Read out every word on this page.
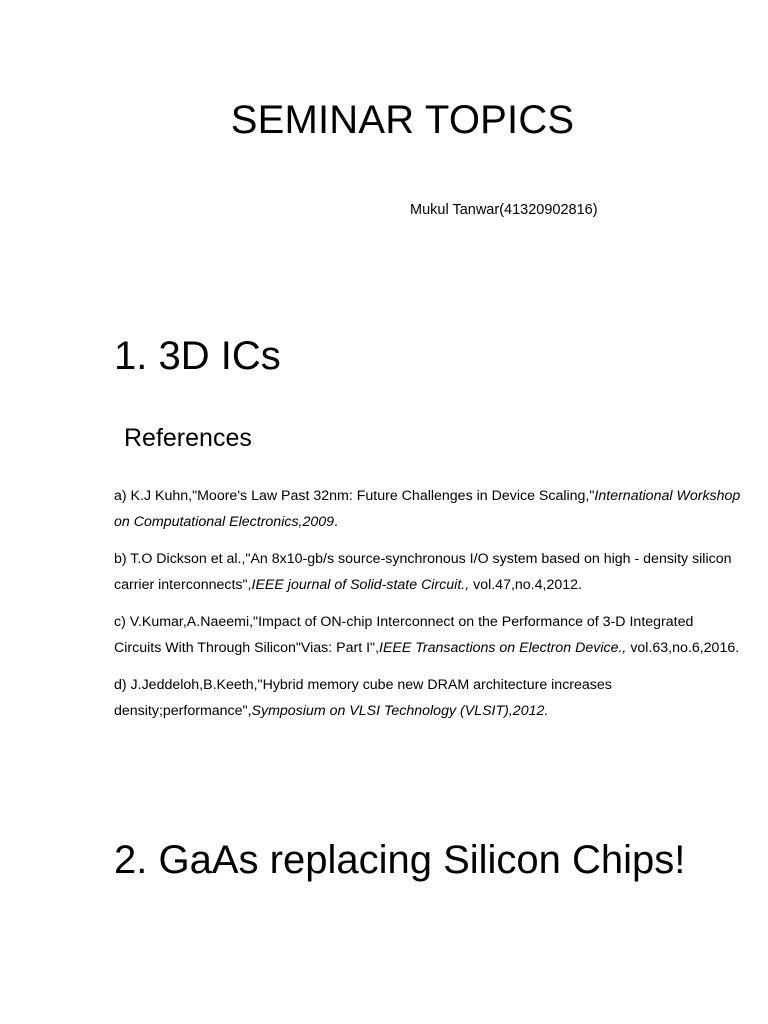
SEMINAR TOPICS

Mukul Tanwar(41320902816)

1. 3D ICs
References
a) K.J Kuhn,"Moore's Law Past 32nm: Future Challenges in Device Scaling,"International Workshop on Computational Electronics,2009.
b) T.O Dickson et al.,"An 8x10-gb/s source-synchronous I/O system based on high - density silicon carrier interconnects",IEEE journal of Solid-state Circuit., vol.47,no.4,2012.
c) V.Kumar,A.Naeemi,"Impact of ON-chip Interconnect on the Performance of 3-D Integrated Circuits With Through Silicon"Vias: Part I",IEEE Transactions on Electron Device., vol.63,no.6,2016.
d) J.Jeddeloh,B.Keeth,"Hybrid memory cube new DRAM architecture increases density;performance",Symposium on VLSI Technology (VLSIT),2012.
2. GaAs replacing Silicon Chips!
